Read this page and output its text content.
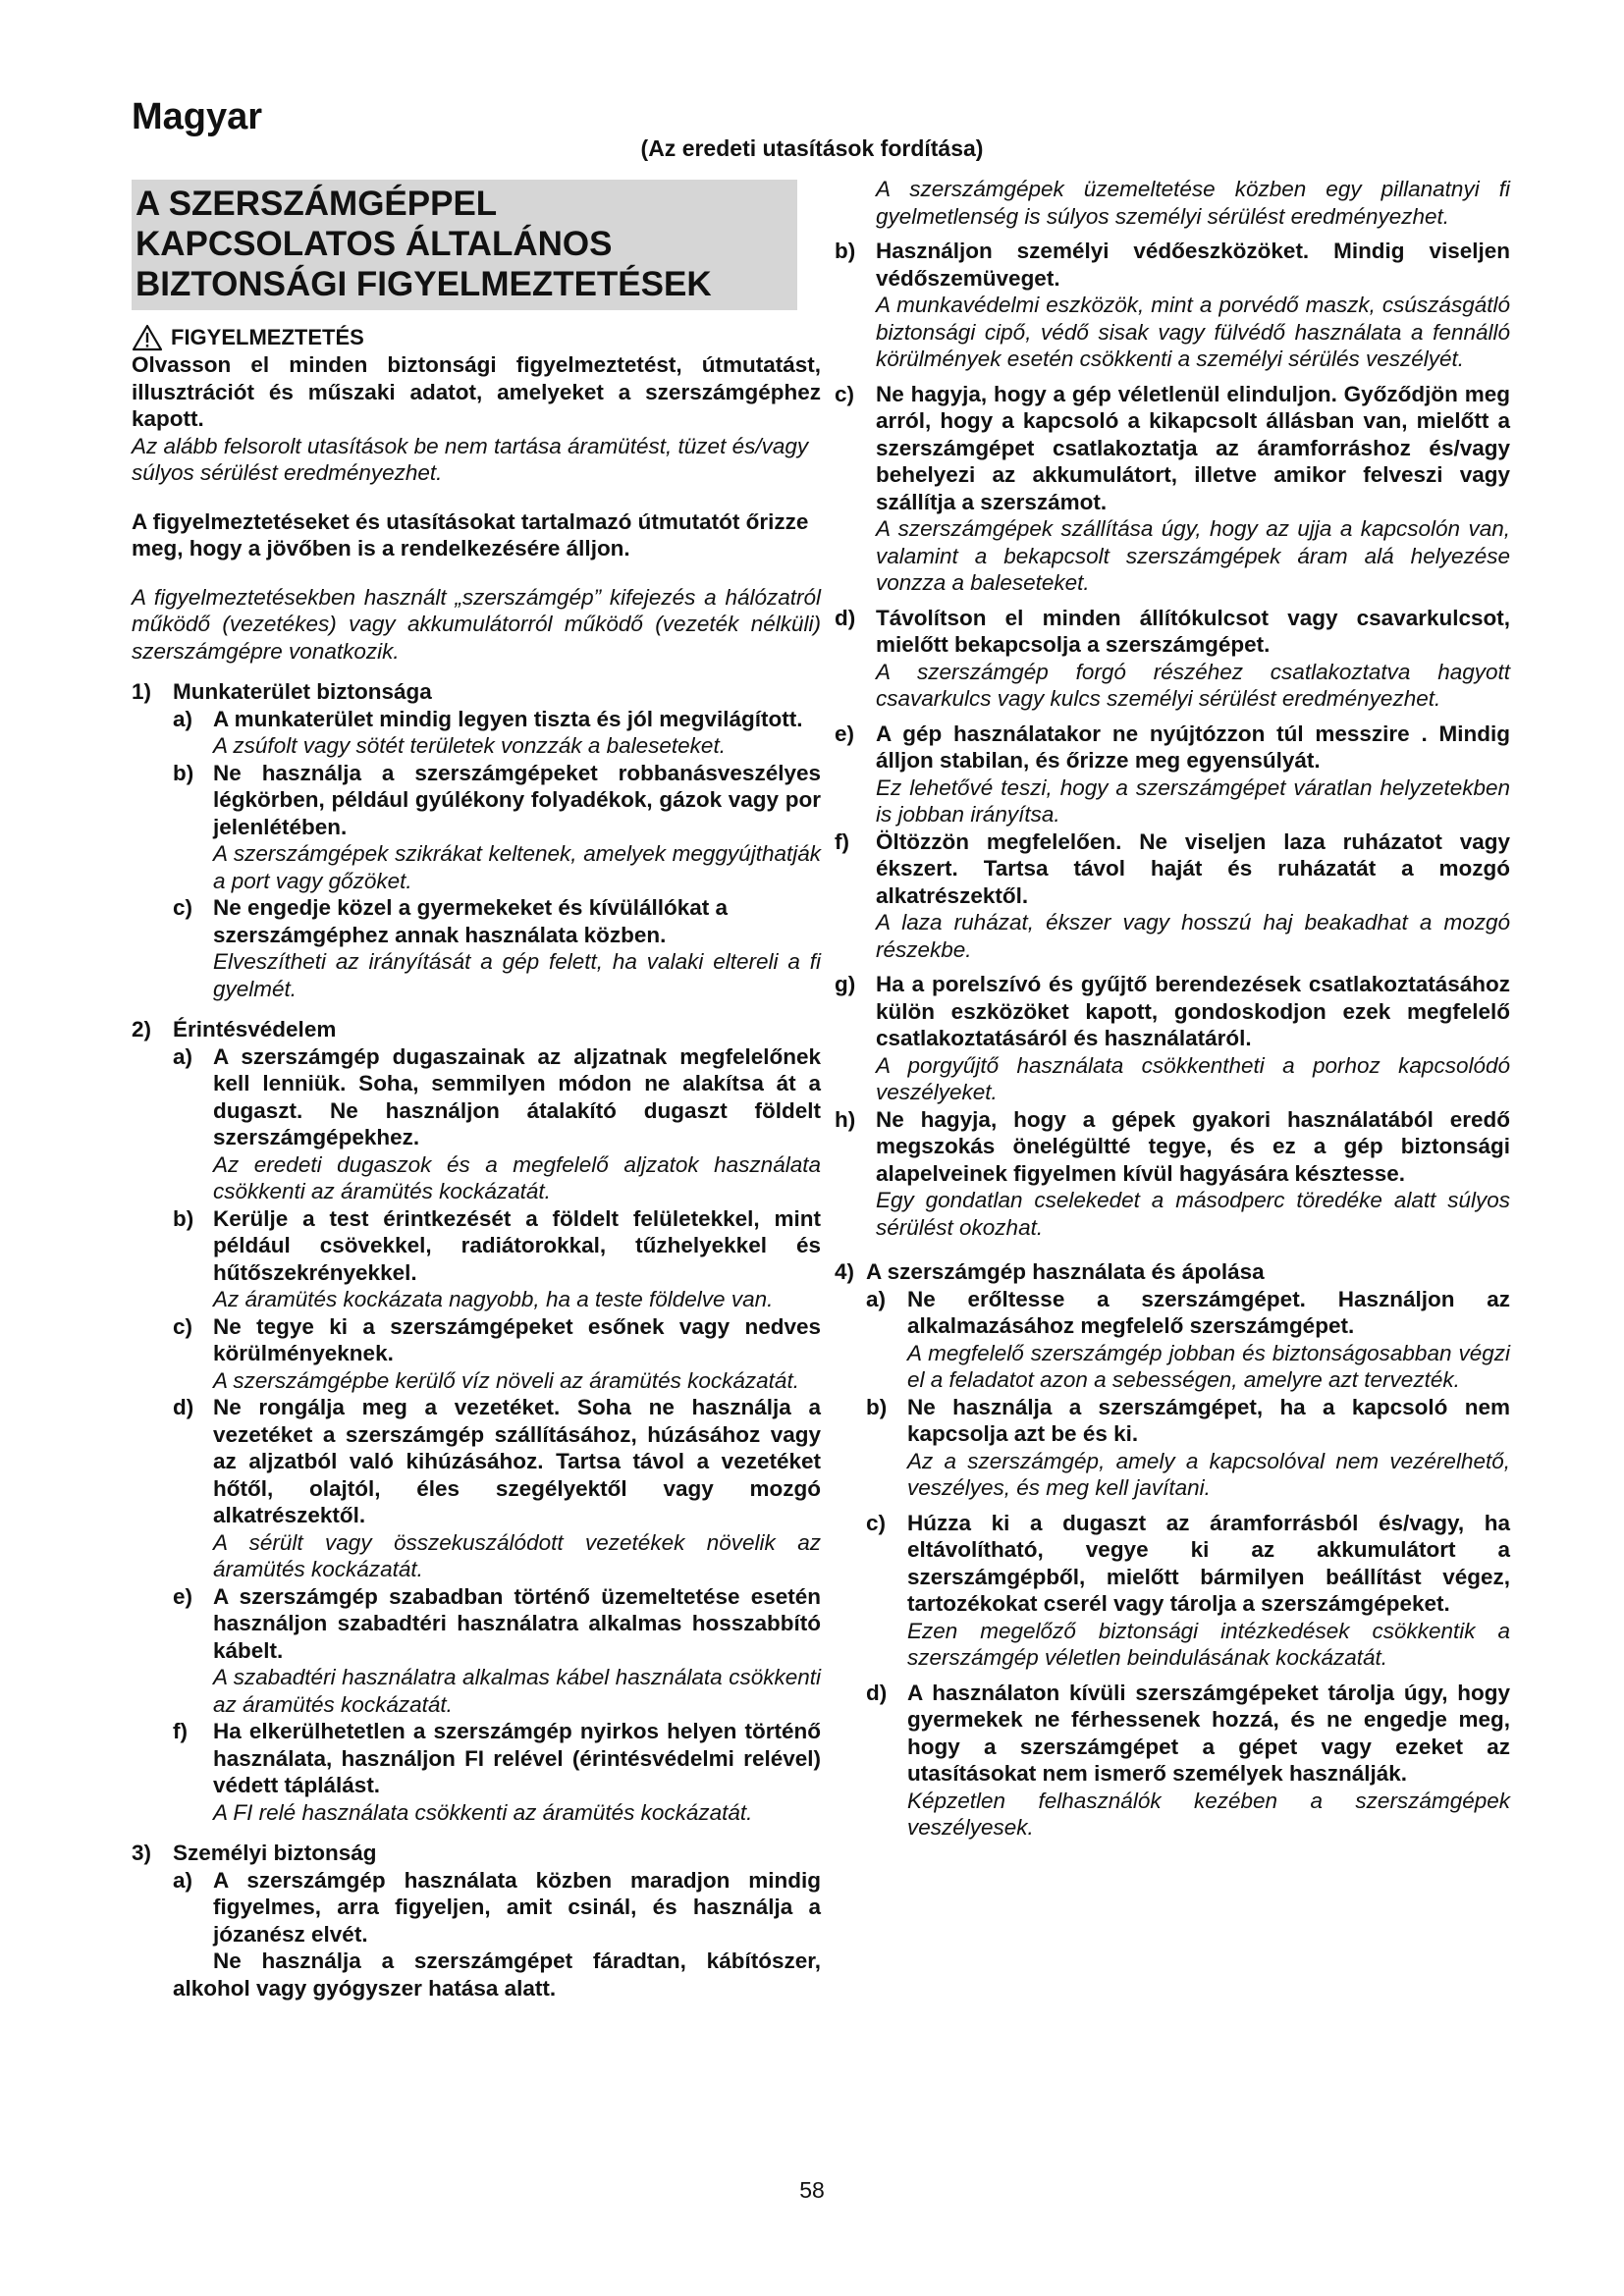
Magyar
(Az eredeti utasítások fordítása)
A SZERSZÁMGÉPPEL
KAPCSOLATOS ÁLTALÁNOS
BIZTONSÁGI FIGYELMEZTETÉSEK
FIGYELMEZTETÉS

Olvasson el minden biztonsági figyelmeztetést, útmutatást, illusztrációt és műszaki adatot, amelyeket a szerszámgéphez kapott.

Az alább felsorolt utasítások be nem tartása áramütést, tüzet és/vagy súlyos sérülést eredményezhet.

A figyelmeztetéseket és utasításokat tartalmazó útmutatót őrizze meg, hogy a jövőben is a rendelkezésére álljon.

A figyelmeztetésekben használt „szerszámgép” kifejezés a hálózatról működő (vezetékes) vagy akkumulátorról működő (vezeték nélküli) szerszámgépre vonatkozik.

1) Munkaterület biztonsága
a) A munkaterület mindig legyen tiszta és jól megvilágított.

A zsúfolt vagy sötét területek vonzzák a baleseteket.

b) Ne használja a szerszámgépeket robbanásveszélyes légkörben, például gyúlékony folyadékok, gázok vagy por jelenlétében.

A szerszámgépek szikrákat keltenek, amelyek meggyújthatják a port vagy gőzöket.

c) Ne engedje közel a gyermekeket és kívülállókat a szerszámgéphez annak használata közben.

Elveszítheti az irányítását a gép felett, ha valaki eltereli a fi gyelmét.

2) Érintésvédelem
a) A szerszámgép dugaszainak az aljzatnak megfelelőnek kell lenniük. Soha, semmilyen módon ne alakítsa át a dugaszt. Ne használjon átalakító dugaszt földelt szerszámgépekhez.

Az eredeti dugaszok és a megfelelő aljzatok használata csökkenti az áramütés kockázatát.

b) Kerülje a test érintkezését a földelt felületekkel, mint például csövekkel, radiátorokkal, tűzhelyekkel és hűtőszekrényekkel.

Az áramütés kockázata nagyobb, ha a teste földelve van.

c) Ne tegye ki a szerszámgépeket esőnek vagy nedves körülményeknek.

A szerszámgépbe kerülő víz növeli az áramütés kockázatát.

d) Ne rongálja meg a vezetéket. Soha ne használja a vezetéket a szerszámgép szállításához, húzásához vagy az aljzatból való kihúzásához. Tartsa távol a vezetéket hőtől, olajtól, éles szegélyektől vagy mozgó alkatrészektől.

A sérült vagy összekuszálódott vezetékek növelik az áramütés kockázatát.

e) A szerszámgép szabadban történő üzemeltetése esetén használjon szabadtéri használatra alkalmas hosszabbító kábelt.

A szabadtéri használatra alkalmas kábel használata csökkenti az áramütés kockázatát.

f)	Ha elkerülhetetlen a szerszámgép nyirkos helyen történő használata, használjon FI relével (érintésvédelmi relével) védett táplálást.

A FI relé használata csökkenti az áramütés kockázatát.

3) Személyi biztonság
a) A szerszámgép használata közben maradjon mindig figyelmes, arra figyeljen, amit csinál, és használja a józanész elvét.

Ne használja a szerszámgépet fáradtan, kábítószer, alkohol vagy gyógyszer hatása alatt.

A szerszámgépek üzemeltetése közben egy pillanatnyi fi gyelmetlenség is súlyos személyi sérülést eredményezhet.

b) Használjon személyi védőeszközöket. Mindig viseljen védőszemüveget.

A munkavédelmi eszközök, mint a porvédő maszk, csúszásgátló biztonsági cipő, védő sisak vagy fülvédő használata a fennálló körülmények esetén csökkenti a személyi sérülés veszélyét.

c) Ne hagyja, hogy a gép véletlenül elinduljon. Győződjön meg arról, hogy a kapcsoló a kikapcsolt állásban van, mielőtt a szerszámgépet csatlakoztatja az áramforráshoz és/vagy behelyezi az akkumulátort, illetve amikor felveszi vagy szállítja a szerszámot.

A szerszámgépek szállítása úgy, hogy az ujja a kapcsolón van, valamint a bekapcsolt szerszámgépek áram alá helyezése vonzza a baleseteket.

d) Távolítson el minden állítókulcsot vagy csavarkulcsot, mielőtt bekapcsolja a szerszámgépet.

A szerszámgép forgó részéhez csatlakoztatva hagyott csavarkulcs vagy kulcs személyi sérülést eredményezhet.

e) A gép használatakor ne nyújtózzon túl messzire . Mindig álljon stabilan, és őrizze meg egyensúlyát.

Ez lehetővé teszi, hogy a szerszámgépet váratlan helyzetekben is jobban irányítsa.

f)	Öltözzön megfelelően. Ne viseljen laza ruházatot vagy ékszert. Tartsa távol haját és ruházatát a mozgó alkatrészektől.

A laza ruházat, ékszer vagy hosszú haj beakadhat a mozgó részekbe.

g) Ha a porelszívó és gyűjtő berendezések csatlakoztatásához külön eszközöket kapott, gondoskodjon ezek megfelelő csatlakoztatásáról és használatáról.

A porgyűjtő használata csökkentheti a porhoz kapcsolódó veszélyeket.

h) Ne hagyja, hogy a gépek gyakori használatából eredő megszokás önelégültté tegye, és ez a gép biztonsági alapelveinek figyelmen kívül hagyására késztesse.

Egy gondatlan cselekedet a másodperc töredéke alatt súlyos sérülést okozhat.

4) A szerszámgép használata és ápolása
a) Ne erőltesse a szerszámgépet. Használjon az alkalmazásához megfelelő szerszámgépet.

A megfelelő szerszámgép jobban és biztonságosabban végzi el a feladatot azon a sebességen, amelyre azt tervezték.

b) Ne használja a szerszámgépet, ha a kapcsoló nem kapcsolja azt be és ki.

Az a szerszámgép, amely a kapcsolóval nem vezérelhető, veszélyes, és meg kell javítani.

c) Húzza ki a dugaszt az áramforrásból és/vagy, ha eltávolítható, vegye ki az akkumulátort a szerszámgépből, mielőtt bármilyen beállítást végez, tartozékokat cserél vagy tárolja a szerszámgépeket.

Ezen megelőző biztonsági intézkedések csökkentik a szerszámgép véletlen beindulásának kockázatát.

d) A használaton kívüli szerszámgépeket tárolja úgy, hogy gyermekek ne férhessenek hozzá, és ne engedje meg, hogy a szerszámgépet a gépet vagy ezeket az utasításokat nem ismerő személyek használják.

Képzetlen felhasználók kezében a szerszámgépek veszélyesek.

58
